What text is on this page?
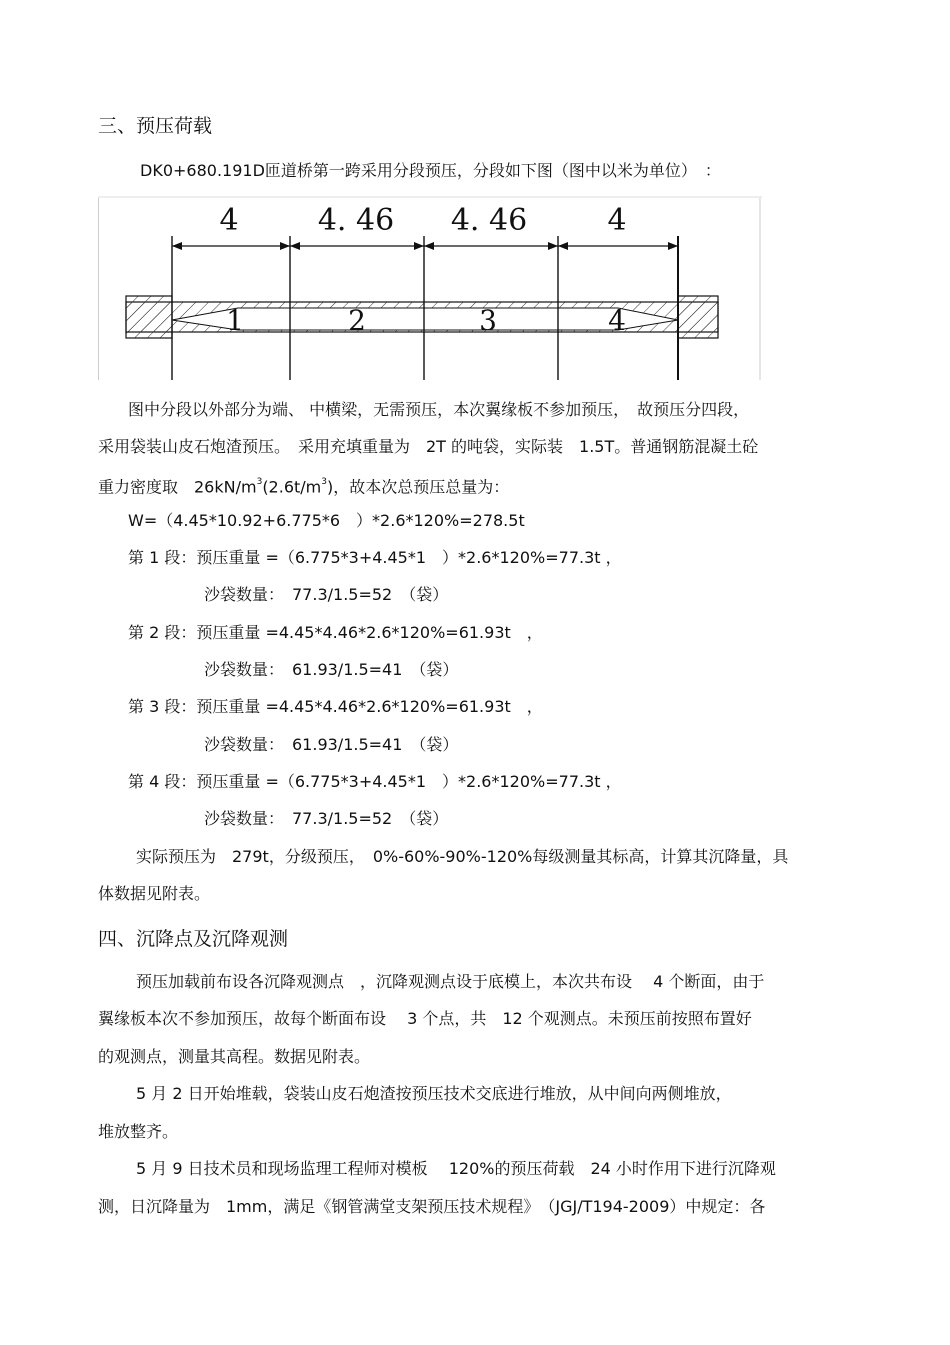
三、预压荷载
DK0+680.191D匝道桥第一跨采用分段预压，分段如下图（图中以米为单位）　：
4	4. 46 4. 46	4
1	2	3	4
图中分段以外部分为端、 中横梁，无需预压，本次翼缘板不参加预压，　故预压分四段，
采用袋装山皮石炮渣预压。　采用充填重量为　2T 的吨袋，实际装　1.5T。普通钢筋混凝土砼
重力密度取　$26kN/m^3(2.6t/m^3)$，故本次总预压总量为：
W=（4.45*10.92+6.775*6　）*2.6*120%=278.5t
第 1 段：预压重量 =（6.775*3+4.45*1　）*2.6*120%=77.3t ，
沙袋数量：　77.3/1.5=52　（袋）
第 2 段：预压重量 =4.45*4.46*2.6*120%=61.93t　，
沙袋数量：　61.93/1.5=41　（袋）
第 3 段：预压重量 =4.45*4.46*2.6*120%=61.93t　，
沙袋数量：　61.93/1.5=41　（袋）
第 4 段：预压重量 =（6.775*3+4.45*1　）*2.6*120%=77.3t ，
沙袋数量：　77.3/1.5=52　（袋）
实际预压为　279t，分级预压，　0%-60%-90%-120%每级测量其标高，计算其沉降量，具
体数据见附表。
四、沉降点及沉降观测
预压加载前布设各沉降观测点　，沉降观测点设于底模上，本次共布设　 4 个断面，由于
翼缘板本次不参加预压，故每个断面布设　 3 个点，共　12 个观测点。未预压前按照布置好
的观测点，测量其高程。数据见附表。
5 月 2 日开始堆载，袋装山皮石炮渣按预压技术交底进行堆放，从中间向两侧堆放，
堆放整齐。
5 月 9 日技术员和现场监理工程师对模板　 120%的预压荷载　24 小时作用下进行沉降观
测，日沉降量为　1mm，满足《钢管满堂支架预压技术规程》　（JGJ/T194-2009）中规定：各
